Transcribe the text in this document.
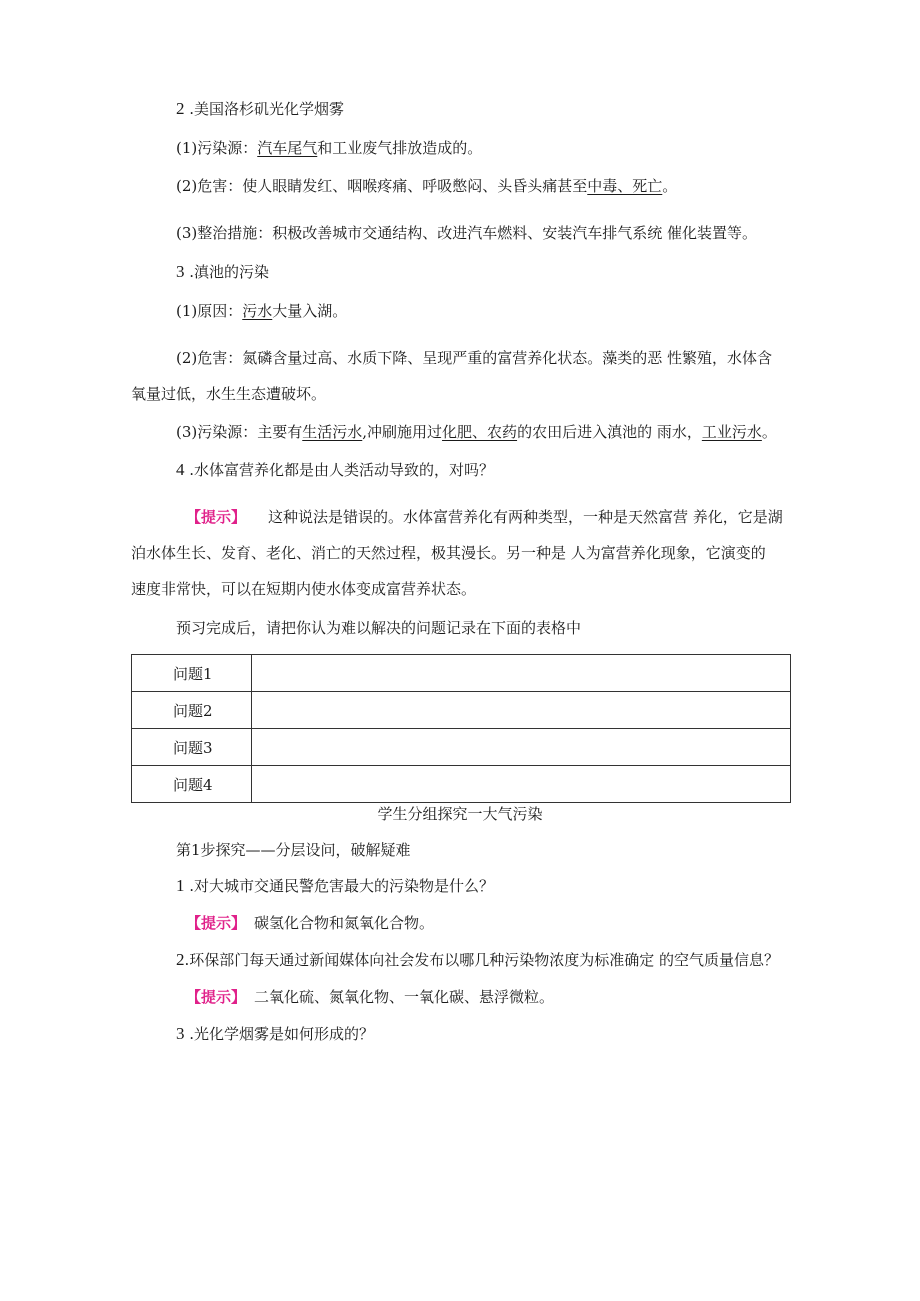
2 .美国洛杉矶光化学烟雾
(1)污染源：汽车尾气和工业废气排放造成的。
(2)危害：使人眼睛发红、咽喉疼痛、呼吸憋闷、头昏头痛甚至中毒、死亡。
(3)整治措施：积极改善城市交通结构、改进汽车燃料、安装汽车排气系统 催化装置等。
3 .滇池的污染
(1)原因：污水大量入湖。
(2)危害：氮磷含量过高、水质下降、呈现严重的富营养化状态。藻类的恶 性繁殖，水体含
氧量过低，水生生态遭破坏。
(3)污染源：主要有生活污水,冲刷施用过化肥、农药的农田后进入滇池的 雨水，工业污水。
4 .水体富营养化都是由人类活动导致的，对吗？
【提示】 这种说法是错误的。水体富营养化有两种类型，一种是天然富营 养化，它是湖
泊水体生长、发育、老化、消亡的天然过程，极其漫长。另一种是 人为富营养化现象，它演变的
速度非常快，可以在短期内使水体变成富营养状态。
预习完成后，请把你认为难以解决的问题记录在下面的表格中
问题1	
问题2	
问题3	
问题4	
学生分组探究一大气污染
第1步探究——分层设问，破解疑难
1 .对大城市交通民警危害最大的污染物是什么？
【提示】 碳氢化合物和氮氧化合物。
2.环保部门每天通过新闻媒体向社会发布以哪几种污染物浓度为标准确定 的空气质量信息？
【提示】 二氧化硫、氮氧化物、一氧化碳、悬浮微粒。
3 .光化学烟雾是如何形成的？
